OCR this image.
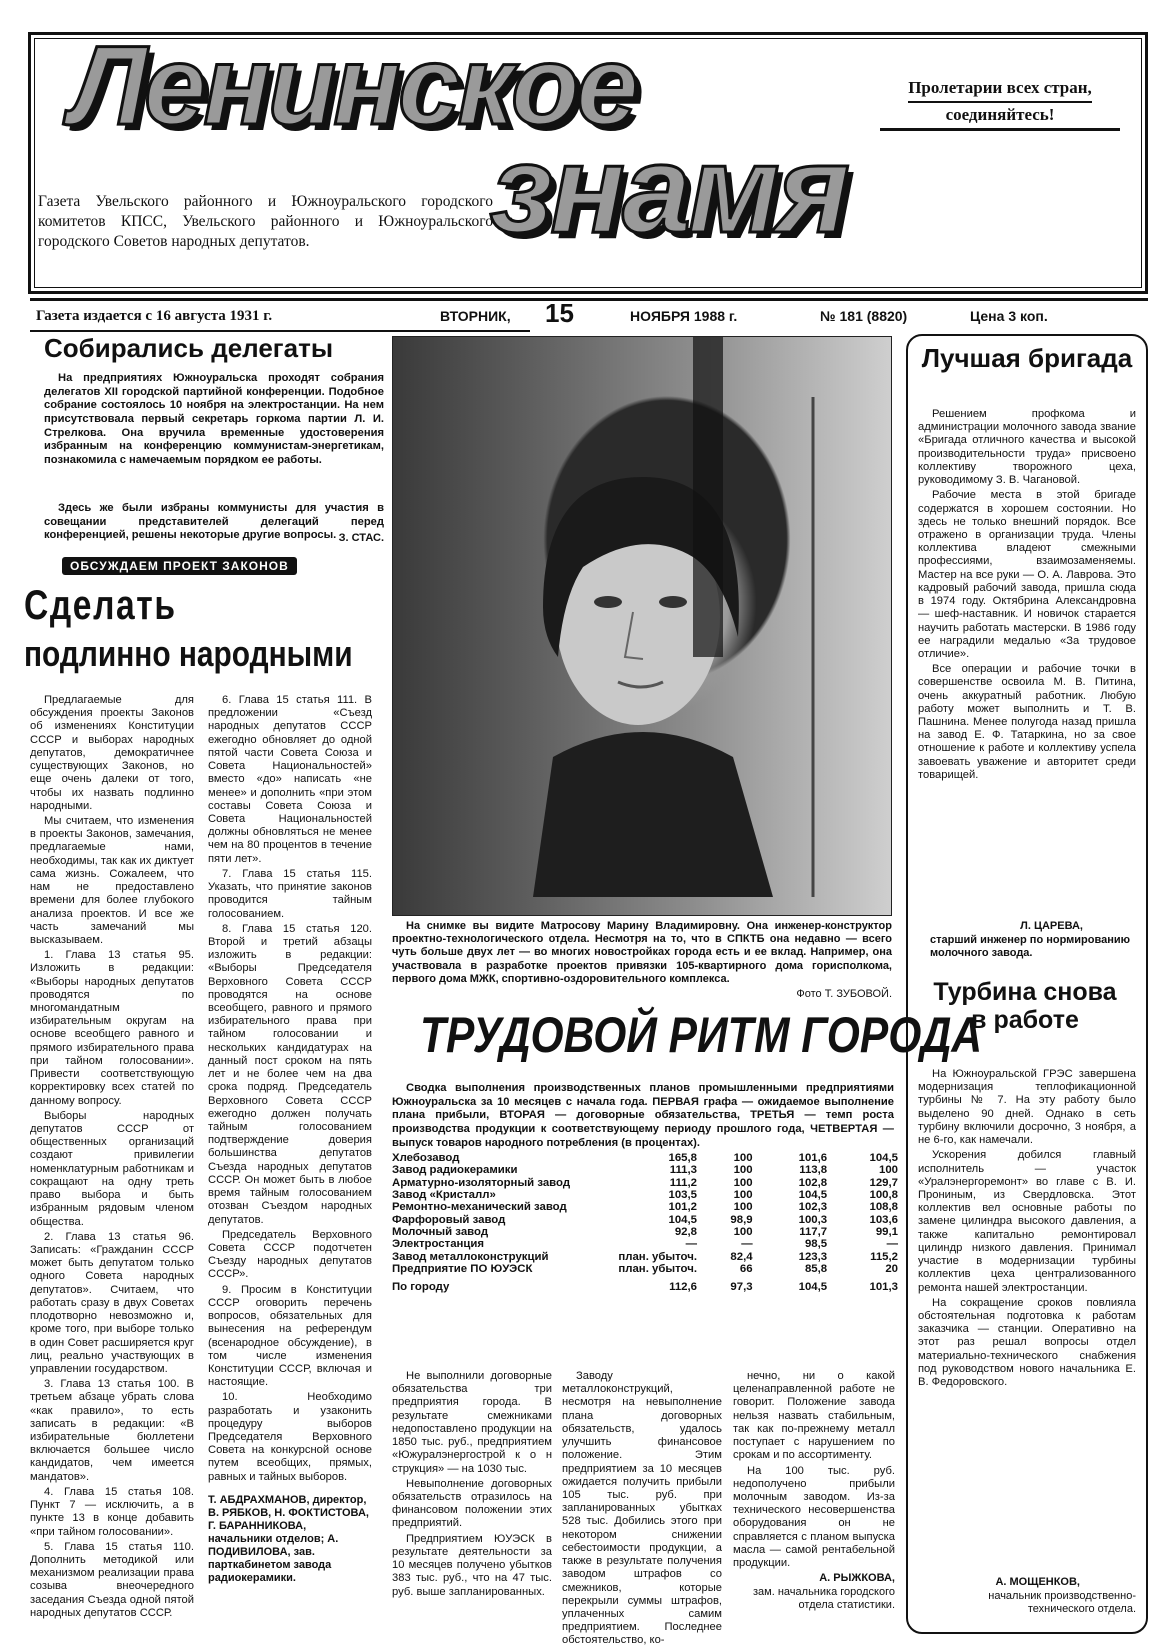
Ленинское
знамя
Пролетарии всех стран,
соединяйтесь!
Газета Увельского районного и Южноуральского городского комитетов КПСС, Увельского районного и Южноуральского городского Советов народных депутатов.
Газета издается с 16 августа 1931 г.	ВТОРНИК, 15	НОЯБРЯ 1988 г.	№ 181 (8820)	Цена 3 коп.
Собирались делегаты
На предприятиях Южноуральска проходят собрания делегатов XII городской партийной конференции. Подобное собрание состоялось 10 ноября на электростанции. На нем присутствовала первый секретарь горкома партии Л. И. Стрелкова. Она вручила временные удостоверения избранным на конференцию коммунистам-энергетикам, познакомила с намечаемым порядком ее работы.
Здесь же были избраны коммунисты для участия в совещании представителей делегаций перед конференцией, решены некоторые другие вопросы. З. СТАС.
ОБСУЖДАЕМ ПРОЕКТ ЗАКОНОВ
Сделать
подлинно народными

Предлагаемые для обсуждения проекты Законов об изменениях Конституции СССР и выборах народных депутатов, демократичнее существующих Законов, но еще очень далеки от того, чтобы их назвать подлинно народными.

Мы считаем, что изменения в проекты Законов, замечания, предлагаемые нами, необходимы, так как их диктует сама жизнь. Сожалеем, что нам не предоставлено времени для более глубокого анализа проектов. И все же часть замечаний мы высказываем.

1. Глава 13 статья 95. Изложить в редакции: «Выборы народных депутатов проводятся по многомандатным избирательным округам на основе всеобщего равного и прямого избирательного права при тайном голосовании». Привести соответствующую корректировку всех статей по данному вопросу.

Выборы народных депутатов СССР от общественных организаций создают привилегии номенклатурным работникам и сокращают на одну треть право выбора и быть избранным рядовым членом общества.

2. Глава 13 статья 96. Записать: «Гражданин СССР может быть депутатом только одного Совета народных депутатов». Считаем, что работать сразу в двух Советах плодотворно невозможно и, кроме того, при выборе только в один Совет расширяется круг лиц, реально участвующих в управлении государством.

3. Глава 13 статья 100. В третьем абзаце убрать слова «как правило», то есть записать в редакции: «В избирательные бюллетени включается большее число кандидатов, чем имеется мандатов».

4. Глава 15 статья 108. Пункт 7 — исключить, а в пункте 13 в конце добавить «при тайном голосовании».

5. Глава 15 статья 110. Дополнить методикой или механизмом реализации права созыва внеочередного заседания Съезда одной пятой народных депутатов СССР.

6. Глава 15 статья 111. В предложении «Съезд народных депутатов СССР ежегодно обновляет до одной пятой части Совета Союза и Совета Национальностей» вместо «до» написать «не менее» и дополнить «при этом составы Совета Союза и Совета Национальностей должны обновляться не менее чем на 80 процентов в течение пяти лет».

7. Глава 15 статья 115. Указать, что принятие законов проводится тайным голосованием.

8. Глава 15 статья 120. Второй и третий абзацы изложить в редакции: «Выборы Председателя Верховного Совета СССР проводятся на основе всеобщего, равного и прямого избирательного права при тайном голосовании и нескольких кандидатурах на данный пост сроком на пять лет и не более чем на два срока подряд. Председатель Верховного Совета СССР ежегодно должен получать тайным голосованием подтверждение доверия большинства депутатов Съезда народных депутатов СССР. Он может быть в любое время тайным голосованием отозван Съездом народных депутатов.

Председатель Верховного Совета СССР подотчетен Съезду народных депутатов СССР».

9. Просим в Конституции СССР оговорить перечень вопросов, обязательных для вынесения на референдум (всенародное обсуждение), в том числе изменения Конституции СССР, включая и настоящие.

10. Необходимо разработать и узаконить процедуру выборов Председателя Верховного Совета на конкурсной основе путем всеобщих, прямых, равных и тайных выборов.

Т. АБДРАХМАНОВ, директор, В. РЯБКОВ, Н. ФОКТИСТОВА, Г. БАРАННИКОВА, начальники отделов; А. ПОДИВИЛОВА, зав. парткабинетом завода радиокерамики.
На снимке вы видите Матросову Марину Владимировну. Она инженер-конструктор проектно-технологического отдела. Несмотря на то, что в СПКТБ она недавно — всего чуть больше двух лет — во многих новостройках города есть и ее вклад. Например, она участвовала в разработке проектов привязки 105-квартирного дома горисполкома, первого дома МЖК, спортивно-оздоровительного комплекса.
Фото Т. ЗУБОВОЙ.
ТРУДОВОЙ РИТМ ГОРОДА
Сводка выполнения производственных планов промышленными предприятиями Южноуральска за 10 месяцев с начала года. ПЕРВАЯ графа — ожидаемое выполнение плана прибыли, ВТОРАЯ — договорные обязательства, ТРЕТЬЯ — темп роста производства продукции к соответствующему периоду прошлого года, ЧЕТВЕРТАЯ — выпуск товаров народного потребления (в процентах).
Хлебозавод	165,8	100	101,6	104,5
Завод радиокерамики	111,3	100	113,8	100
Арматурно-изоляторный завод	111,2	100	102,8	129,7
Завод «Кристалл»	103,5	100	104,5	100,8
Ремонтно-механический завод	101,2	100	102,3	108,8
Фарфоровый завод	104,5	98,9	100,3	103,6
Молочный завод	92,8	100	117,7	99,1
Электростанция	—	—	98,5	—
Завод металлоконструкций	план. убыточ.	82,4	123,3	115,2
Предприятие ПО ЮУЭСК	план. убыточ.	66	85,8	20
По городу	112,6	97,3	104,5	101,3

Не выполнили договорные обязательства три предприятия города. В результате смежниками недопоставлено продукции на 1850 тыс. руб., предприятием «Южуралэнергострой к о н струкция» — на 1030 тыс.

Невыполнение договорных обязательств отразилось на финансовом положении этих предприятий.

Предприятием ЮУЭСК в результате деятельности за 10 месяцев получено убытков 383 тыс. руб., что на 47 тыс. руб. выше запланированных.

Заводу металлоконструкций, несмотря на невыполнение плана договорных обязательств, удалось улучшить финансовое положение. Этим предприятием за 10 месяцев ожидается получить прибыли 105 тыс. руб. при запланированных убытках 528 тыс. Добились этого при некотором снижении себестоимости продукции, а также в результате получения заводом штрафов со смежников, которые перекрыли суммы штрафов, уплаченных самим предприятием. Последнее обстоятельство, ко-

нечно, ни о какой целенаправленной работе не говорит. Положение завода нельзя назвать стабильным, так как по-прежнему металл поступает с нарушением по срокам и по ассортименту.

На 100 тыс. руб. недополучено прибыли молочным заводом. Из-за технического несовершенства оборудования он не справляется с планом выпуска масла — самой рентабельной продукции.

А. РЫЖКОВА,
зам. начальника городского отдела статистики.
Лучшая бригада

Решением профкома и администрации молочного завода звание «Бригада отличного качества и высокой производительности труда» присвоено коллективу творожного цеха, руководимому З. В. Чагановой.

Рабочие места в этой бригаде содержатся в хорошем состоянии. Но здесь не только внешний порядок. Все отражено в организации труда. Члены коллектива владеют смежными профессиями, взаимозаменяемы. Мастер на все руки — О. А. Лаврова. Это кадровый рабочий завода, пришла сюда в 1974 году. Октябрина Александровна — шеф-наставник. И новичок старается научить работать мастерски. В 1986 году ее наградили медалью «За трудовое отличие».

Все операции и рабочие точки в совершенстве освоила М. В. Питина, очень аккуратный работник. Любую работу может выполнить и Т. В. Пашнина. Менее полугода назад пришла на завод Е. Ф. Татаркина, но за свое отношение к работе и коллективу успела завоевать уважение и авторитет среди товарищей.

Л. ЦАРЕВА,
старший инженер по нормированию молочного завода.
Турбина снова в работе

На Южноуральской ГРЭС завершена модернизация теплофикационной турбины № 7. На эту работу было выделено 90 дней. Однако в сеть турбину включили досрочно, 3 ноября, а не 6-го, как намечали.

Ускорения добился главный исполнитель — участок «Уралэнергоремонт» во главе с В. И. Прониным, из Свердловска. Этот коллектив вел основные работы по замене цилиндра высокого давления, а также капитально ремонтировал цилиндр низкого давления. Принимал участие в модернизации турбины коллектив цеха централизованного ремонта нашей электростанции.

На сокращение сроков повлияла обстоятельная подготовка к работам заказчика — станции. Оперативно на этот раз решал вопросы отдел материально-технического снабжения под руководством нового начальника Е. В. Федоровского.

А. МОЩЕНКОВ,
начальник производственно-технического отдела.
